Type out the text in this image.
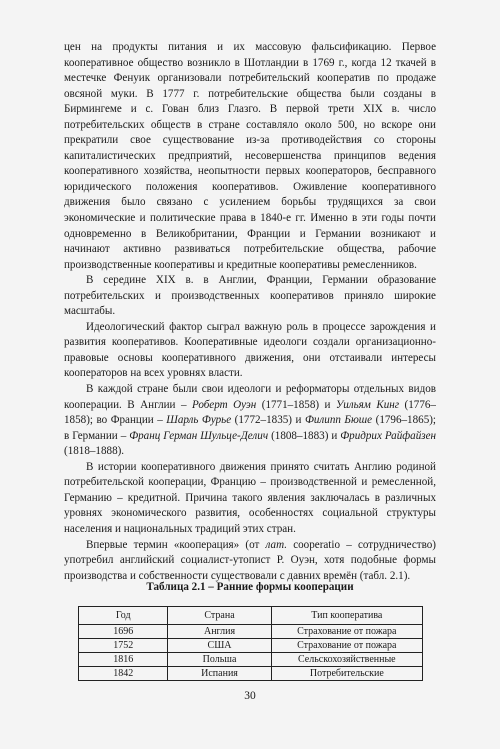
цен на продукты питания и их массовую фальсификацию. Первое кооперативное общество возникло в Шотландии в 1769 г., когда 12 ткачей в местечке Фенуик организовали потребительский кооператив по продаже овсяной муки. В 1777 г. потребительские общества были созданы в Бирмингеме и с. Гован близ Глазго. В первой трети XIX в. число потребительских обществ в стране составляло около 500, но вскоре они прекратили свое существование из-за противодействия со стороны капиталистических предприятий, несовершенства принципов ведения кооперативного хозяйства, неопытности первых кооператоров, бесправного юридического положения кооперативов. Оживление кооперативного движения было связано с усилением борьбы трудящихся за свои экономические и политические права в 1840-е гг. Именно в эти годы почти одновременно в Великобритании, Франции и Германии возникают и начинают активно развиваться потребительские общества, рабочие производственные кооперативы и кредитные кооперативы ремесленников.

В середине XIX в. в Англии, Франции, Германии образование потребительских и производственных кооперативов приняло широкие масштабы.

Идеологический фактор сыграл важную роль в процессе зарождения и развития кооперативов. Кооперативные идеологи создали организационно-правовые основы кооперативного движения, они отстаивали интересы кооператоров на всех уровнях власти.

В каждой стране были свои идеологи и реформаторы отдельных видов кооперации. В Англии – Роберт Оуэн (1771–1858) и Уильям Кинг (1776–1858); во Франции – Шарль Фурье (1772–1835) и Филипп Бюше (1796–1865); в Германии – Франц Герман Шульце-Делич (1808–1883) и Фридрих Райфайзен (1818–1888).

В истории кооперативного движения принято считать Англию родиной потребительской кооперации, Францию – производственной и ремесленной, Германию – кредитной. Причина такого явления заключалась в различных уровнях экономического развития, особенностях социальной структуры населения и национальных традиций этих стран.

Впервые термин «кооперация» (от лат. cooperatio – сотрудничество) употребил английский социалист-утопист Р. Оуэн, хотя подобные формы производства и собственности существовали с давних времён (табл. 2.1).

Таблица 2.1 – Ранние формы кооперации
Год	Страна	Тип кооператива
1696	Англия	Страхование от пожара
1752	США	Страхование от пожара
1816	Польша	Сельскохозяйственные
1842	Испания	Потребительские
30
